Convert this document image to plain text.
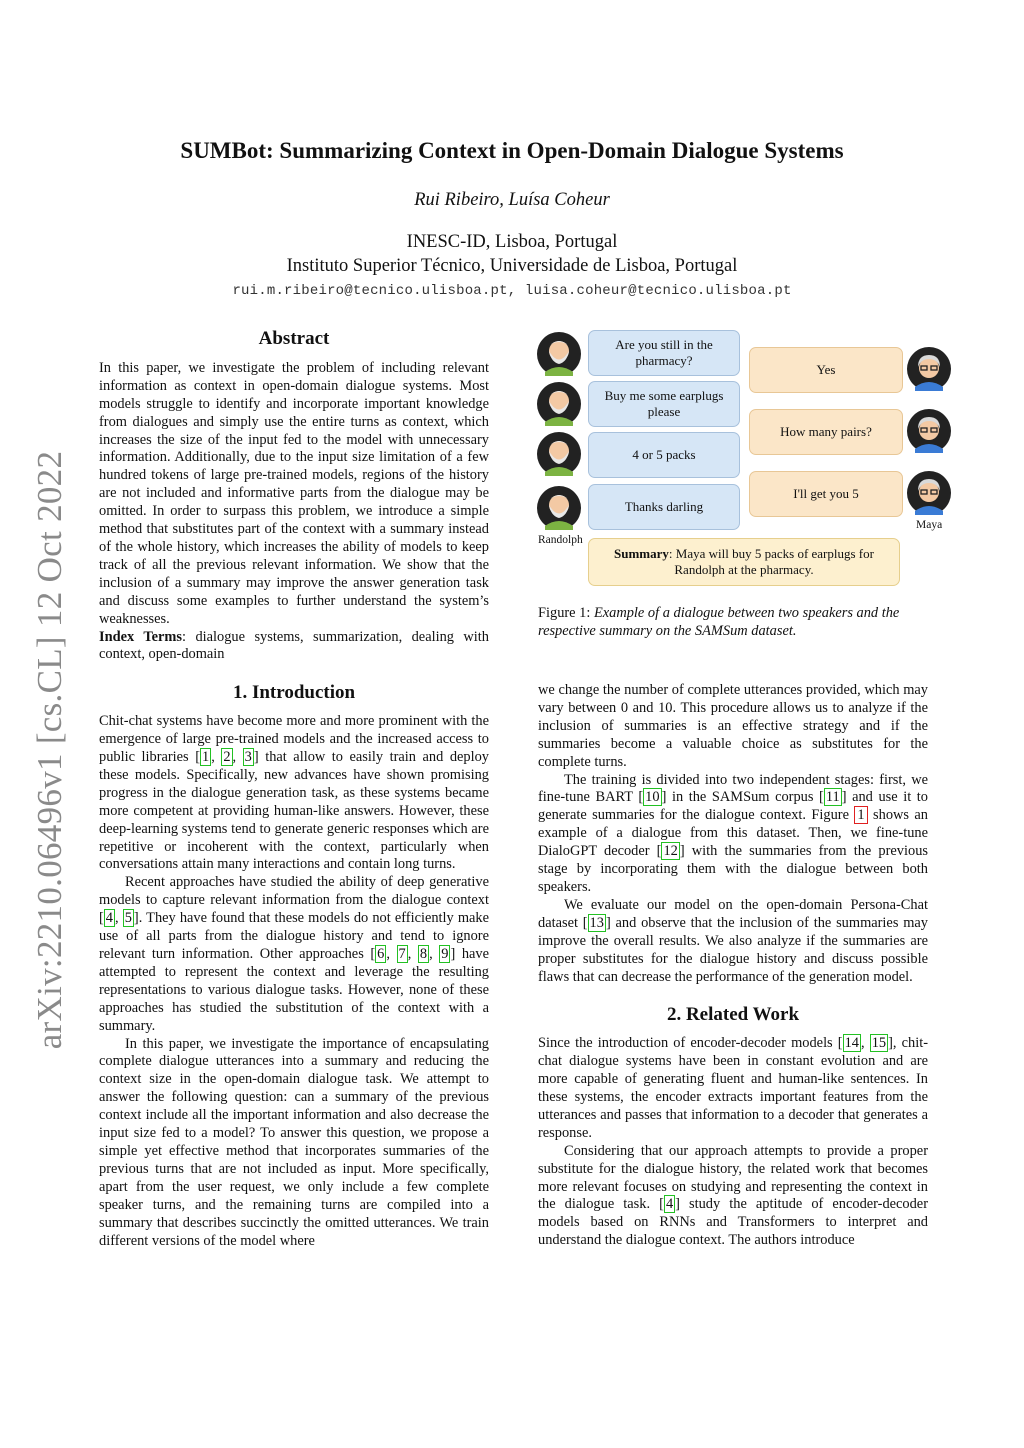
arXiv:2210.06496v1 [cs.CL] 12 Oct 2022
SUMBot: Summarizing Context in Open-Domain Dialogue Systems
Rui Ribeiro, Luísa Coheur
INESC-ID, Lisboa, Portugal
Instituto Superior Técnico, Universidade de Lisboa, Portugal
rui.m.ribeiro@tecnico.ulisboa.pt, luisa.coheur@tecnico.ulisboa.pt
Abstract

In this paper, we investigate the problem of including relevant information as context in open-domain dialogue systems. Most models struggle to identify and incorporate important knowledge from dialogues and simply use the entire turns as context, which increases the size of the input fed to the model with unnecessary information. Additionally, due to the input size limitation of a few hundred tokens of large pre-trained models, regions of the history are not included and informative parts from the dialogue may be omitted. In order to surpass this problem, we introduce a simple method that substitutes part of the context with a summary instead of the whole history, which increases the ability of models to keep track of all the previous relevant information. We show that the inclusion of a summary may improve the answer generation task and discuss some examples to further understand the system’s weaknesses.

Index Terms: dialogue systems, summarization, dealing with context, open-domain

1. Introduction

Chit-chat systems have become more and more prominent with the emergence of large pre-trained models and the increased access to public libraries [ 1 , 2 , 3 ] that allow to easily train and deploy these models. Specifically, new advances have shown promising progress in the dialogue generation task, as these systems became more competent at providing human-like answers. However, these deep-learning systems tend to generate generic responses which are repetitive or incoherent with the context, particularly when conversations attain many interactions and contain long turns.

Recent approaches have studied the ability of deep generative models to capture relevant information from the dialogue context [ 4 , 5 ]. They have found that these models do not efficiently make use of all parts from the dialogue history and tend to ignore relevant turn information. Other approaches [ 6 , 7 , 8 , 9 ] have attempted to represent the context and leverage the resulting representations to various dialogue tasks. However, none of these approaches has studied the substitution of the context with a summary.

In this paper, we investigate the importance of encapsulating complete dialogue utterances into a summary and reducing the context size in the open-domain dialogue task. We attempt to answer the following question: can a summary of the previous context include all the important information and also decrease the input size fed to a model? To answer this question, we propose a simple yet effective method that incorporates summaries of the previous turns that are not included as input. More specifically, apart from the user request, we only include a few complete speaker turns, and the remaining turns are compiled into a summary that describes succinctly the omitted utterances. We train different versions of the model where

Randolph
Are you still in the pharmacy?
Buy me some earplugs please
4 or 5 packs
Thanks darling
Yes
How many pairs?
I'll get you 5
Maya
Summary: Maya will buy 5 packs of earplugs for Randolph at the pharmacy.
Figure 1: Example of a dialogue between two speakers and the respective summary on the SAMSum dataset.

we change the number of complete utterances provided, which may vary between 0 and 10. This procedure allows us to analyze if the inclusion of summaries is an effective strategy and if the summaries become a valuable choice as substitutes for the complete turns.

The training is divided into two independent stages: first, we fine-tune BART [ 10 ] in the SAMSum corpus [ 11 ] and use it to generate summaries for the dialogue context. Figure 1 shows an example of a dialogue from this dataset. Then, we fine-tune DialoGPT decoder [ 12 ] with the summaries from the previous stage by incorporating them with the dialogue between both speakers.

We evaluate our model on the open-domain Persona-Chat dataset [ 13 ] and observe that the inclusion of the summaries may improve the overall results. We also analyze if the summaries are proper substitutes for the dialogue history and discuss possible flaws that can decrease the performance of the generation model.

2. Related Work

Since the introduction of encoder-decoder models [ 14 , 15 ], chit-chat dialogue systems have been in constant evolution and are more capable of generating fluent and human-like sentences. In these systems, the encoder extracts important features from the utterances and passes that information to a decoder that generates a response.

Considering that our approach attempts to provide a proper substitute for the dialogue history, the related work that becomes more relevant focuses on studying and representing the context in the dialogue task. [ 4 ] study the aptitude of encoder-decoder models based on RNNs and Transformers to interpret and understand the dialogue context. The authors introduce
